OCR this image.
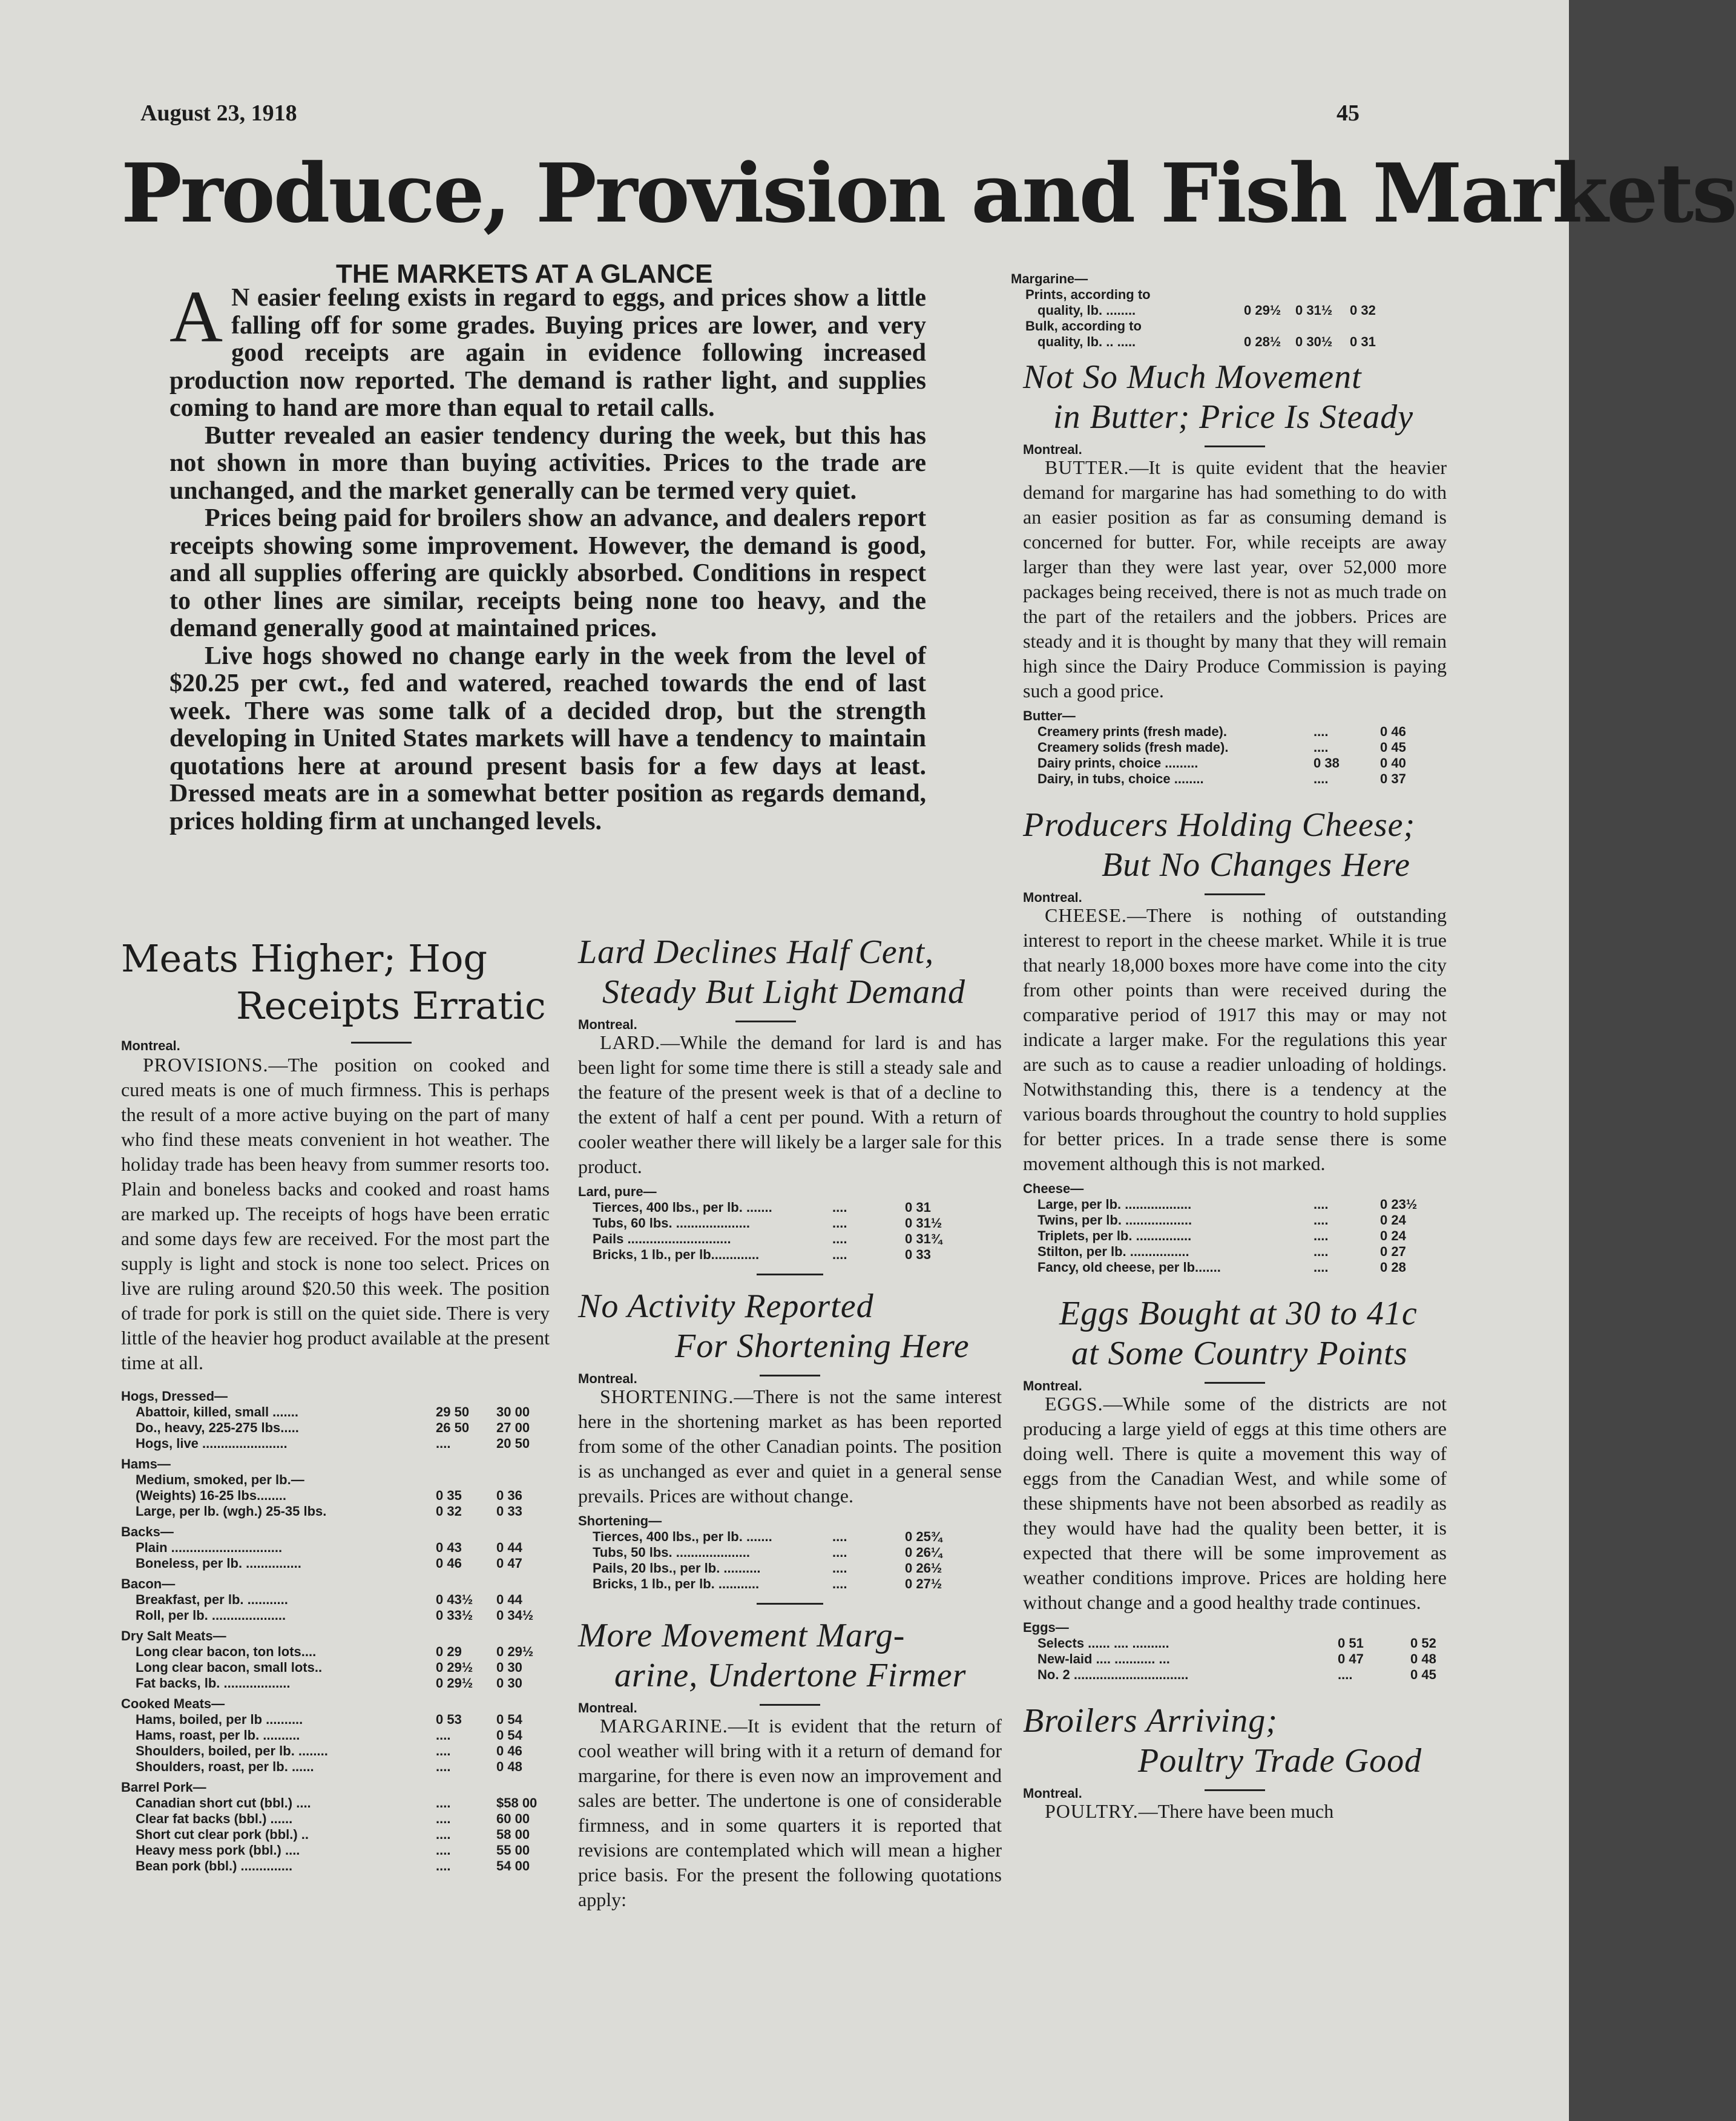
August 23, 1918	45
Produce, Provision and Fish Markets
THE MARKETS AT A GLANCE

A N easier feelıng exists in regard to eggs, and prices show a little falling off for some grades. Buying prices are lower, and very good receipts are again in evidence following increased production now reported. The demand is rather light, and supplies coming to hand are more than equal to retail calls.

Butter revealed an easier tendency during the week, but this has not shown in more than buying activities. Prices to the trade are unchanged, and the market generally can be termed very quiet.

Prices being paid for broilers show an advance, and dealers report receipts showing some improvement. However, the demand is good, and all supplies offering are quickly absorbed. Conditions in respect to other lines are similar, receipts being none too heavy, and the demand generally good at maintained prices.

Live hogs showed no change early in the week from the level of $20.25 per cwt., fed and watered, reached towards the end of last week. There was some talk of a decided drop, but the strength developing in United States markets will have a tendency to maintain quotations here at around present basis for a few days at least. Dressed meats are in a somewhat better position as regards demand, prices holding firm at unchanged levels.

Meats Higher; Hog
Receipts Erratic
Montreal.

PROVISIONS.—The position on cooked and cured meats is one of much firmness. This is perhaps the result of a more active buying on the part of many who find these meats convenient in hot weather. The holiday trade has been heavy from summer resorts too. Plain and boneless backs and cooked and roast hams are marked up. The receipts of hogs have been erratic and some days few are received. For the most part the supply is light and stock is none too select. Prices on live are ruling around $20.50 this week. The position of trade for pork is still on the quiet side. There is very little of the heavier hog product available at the present time at all.

Hogs, Dressed—
Abattoir, killed, small .......	29 50 30 00
Do., heavy, 225-275 lbs.....	26 50 27 00
Hogs, live .......................	....	20 50
Hams—
Medium, smoked, per lb.—
(Weights) 16-25 lbs........	0 35	0 36
Large, per lb. (wgh.) 25-35 lbs.	0 32	0 33
Backs—
Plain ..............................	0 43	0 44
Boneless, per lb. ...............	0 46	0 47
Bacon—
Breakfast, per lb. ...........	0 43½ 0 44
Roll, per lb. ....................	0 33½ 0 34½
Dry Salt Meats—
Long clear bacon, ton lots....	0 29	0 29½
Long clear bacon, small lots..	0 29½ 0 30
Fat backs, lb. ..................	0 29½ 0 30
Cooked Meats—
Hams, boiled, per lb ..........	0 53	0 54
Hams, roast, per lb. ..........	....	0 54
Shoulders, boiled, per lb. ........	....	0 46
Shoulders, roast, per lb. ......	....	0 48
Barrel Pork—
Canadian short cut (bbl.) ....	....	$58 00
Clear fat backs (bbl.) ......	....	60 00
Short cut clear pork (bbl.) ..	....	58 00
Heavy mess pork (bbl.) ....	....	55 00
Bean pork (bbl.) ..............	....	54 00
Lard Declines Half Cent,
Steady But Light Demand
Montreal.

LARD.—While the demand for lard is and has been light for some time there is still a steady sale and the feature of the present week is that of a decline to the extent of half a cent per pound. With a return of cooler weather there will likely be a larger sale for this product.

Lard, pure—
Tierces, 400 lbs., per lb. .......	....	0 31
Tubs, 60 lbs. ....................	....	0 31½
Pails ............................	....	0 31¾
Bricks, 1 lb., per lb.............	....	0 33
No Activity Reported
For Shortening Here
Montreal.

SHORTENING.—There is not the same interest here in the shortening market as has been reported from some of the other Canadian points. The position is as unchanged as ever and quiet in a general sense prevails. Prices are without change.

Shortening—
Tierces, 400 lbs., per lb. .......	....	0 25¾
Tubs, 50 lbs. ....................	....	0 26¼
Pails, 20 lbs., per lb. ..........	....	0 26½
Bricks, 1 lb., per lb. ...........	....	0 27½
More Movement Marg-
arine, Undertone Firmer
Montreal.

MARGARINE.—It is evident that the return of cool weather will bring with it a return of demand for margarine, for there is even now an improvement and sales are better. The undertone is one of considerable firmness, and in some quarters it is reported that revisions are contemplated which will mean a higher price basis. For the present the following quotations apply:

Margarine—
Prints, according to
quality, lb. ........	0 29½ 0 31½ 0 32
Bulk, according to
quality, lb. .. .....	0 28½ 0 30½ 0 31
Not So Much Movement
in Butter; Price Is Steady
Montreal.

BUTTER.—It is quite evident that the heavier demand for margarine has had something to do with an easier position as far as consuming demand is concerned for butter. For, while receipts are away larger than they were last year, over 52,000 more packages being received, there is not as much trade on the part of the retailers and the jobbers. Prices are steady and it is thought by many that they will remain high since the Dairy Produce Commission is paying such a good price.

Butter—
Creamery prints (fresh made).	....	0 46
Creamery solids (fresh made).	....	0 45
Dairy prints, choice .........	0 38	0 40
Dairy, in tubs, choice ........	....	0 37
Producers Holding Cheese;
But No Changes Here
Montreal.

CHEESE.—There is nothing of outstanding interest to report in the cheese market. While it is true that nearly 18,000 boxes more have come into the city from other points than were received during the comparative period of 1917 this may or may not indicate a larger make. For the regulations this year are such as to cause a readier unloading of holdings. Notwithstanding this, there is a tendency at the various boards throughout the country to hold supplies for better prices. In a trade sense there is some movement although this is not marked.

Cheese—
Large, per lb. ..................	....	0 23½
Twins, per lb. ..................	....	0 24
Triplets, per lb. ...............	....	0 24
Stilton, per lb. ................	....	0 27
Fancy, old cheese, per lb.......	....	0 28
Eggs Bought at 30 to 41c
at Some Country Points
Montreal.

EGGS.—While some of the districts are not producing a large yield of eggs at this time others are doing well. There is quite a movement this way of eggs from the Canadian West, and while some of these shipments have not been absorbed as readily as they would have had the quality been better, it is expected that there will be some improvement as weather conditions improve. Prices are holding here without change and a good healthy trade continues.

Eggs—
Selects ...... .... ..........	0 51	0 52
New-laid .... ........... ...	0 47	0 48
No. 2 ...............................	....	0 45
Broilers Arriving;
Poultry Trade Good
Montreal.

POULTRY.—There have been much
